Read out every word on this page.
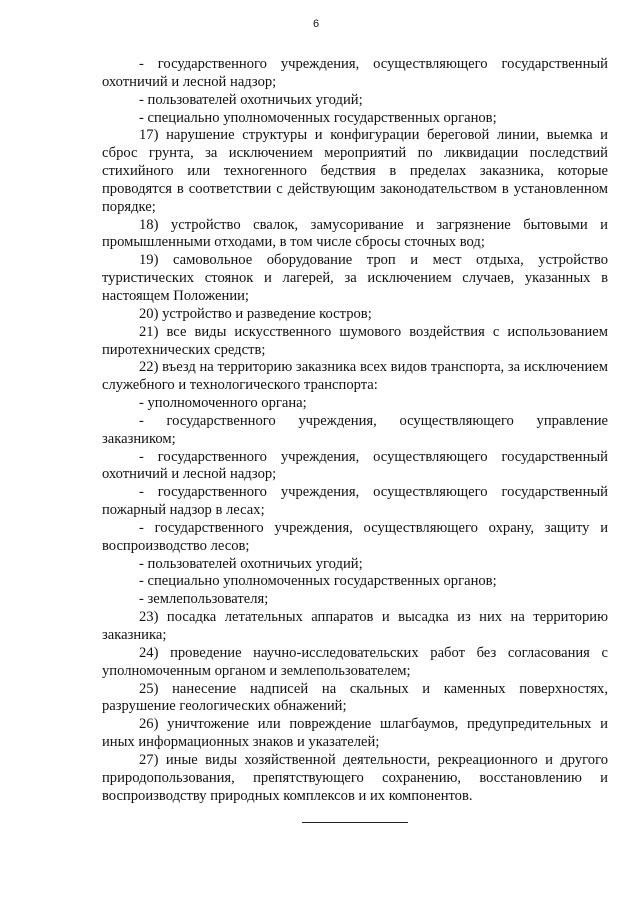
6

- государственного учреждения, осуществляющего государственный охотничий и лесной надзор;

- пользователей охотничьих угодий;

- специально уполномоченных государственных органов;

17) нарушение структуры и конфигурации береговой линии, выемка и сброс грунта, за исключением мероприятий по ликвидации последствий стихийного или техногенного бедствия в пределах заказника, которые проводятся в соответствии с действующим законодательством в установленном порядке;

18) устройство свалок, замусоривание и загрязнение бытовыми и промышленными отходами, в том числе сбросы сточных вод;

19) самовольное оборудование троп и мест отдыха, устройство туристических стоянок и лагерей, за исключением случаев, указанных в настоящем Положении;

20) устройство и разведение костров;

21) все виды искусственного шумового воздействия с использованием пиротехнических средств;

22) въезд на территорию заказника всех видов транспорта, за исключением служебного и технологического транспорта:

- уполномоченного органа;

- государственного учреждения, осуществляющего управление заказником;

- государственного учреждения, осуществляющего государственный охотничий и лесной надзор;

- государственного учреждения, осуществляющего государственный пожарный надзор в лесах;

- государственного учреждения, осуществляющего охрану, защиту и воспроизводство лесов;

- пользователей охотничьих угодий;

- специально уполномоченных государственных органов;

- землепользователя;

23) посадка летательных аппаратов и высадка из них на территорию заказника;

24) проведение научно-исследовательских работ без согласования с уполномоченным органом и землепользователем;

25) нанесение надписей на скальных и каменных поверхностях, разрушение геологических обнажений;

26) уничтожение или повреждение шлагбаумов, предупредительных и иных информационных знаков и указателей;

27) иные виды хозяйственной деятельности, рекреационного и другого природопользования, препятствующего сохранению, восстановлению и воспроизводству природных комплексов и их компонентов.
